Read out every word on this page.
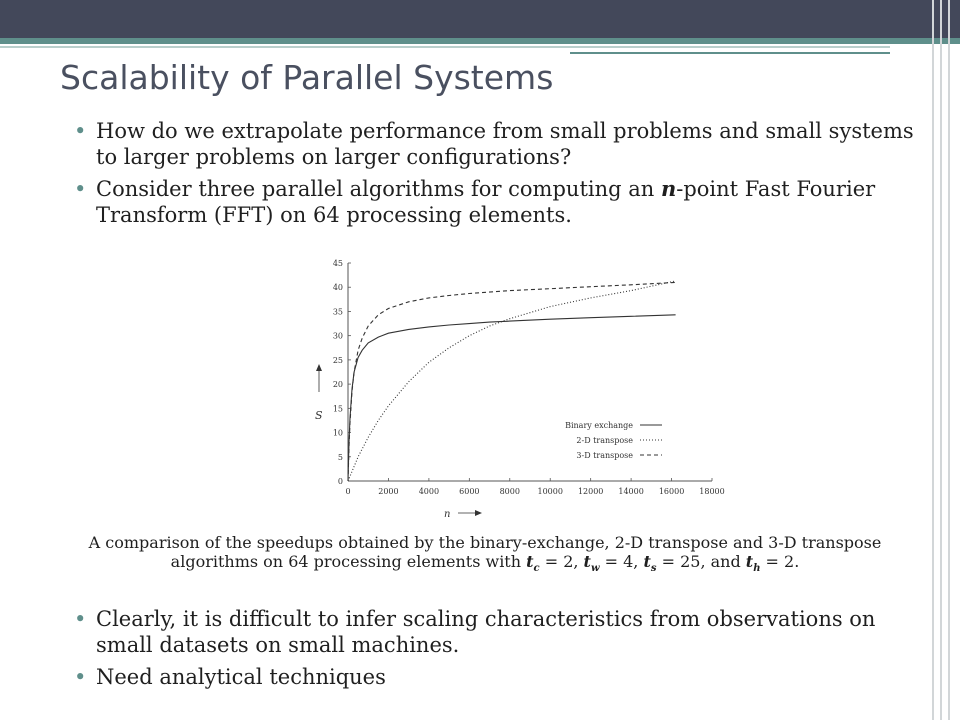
Scalability of Parallel Systems
• How do we extrapolate performance from small problems and small systems to larger problems on larger configurations?
• Consider three parallel algorithms for computing an n-point Fast Fourier Transform (FFT) on 64 processing elements.
0
5
10
15
20
25
30
35
40
45
0	2000	4000	6000	8000 10000 12000 14000 16000 18000
Binary exchange
2-D transpose
3-D transpose
S
n

A comparison of the speedups obtained by the binary-exchange, 2-D transpose and 3-D transpose algorithms on 64 processing elements with $t_c = 2$, $t_w = 4$, $t_s = 25$, and $t_h = 2$.

• Clearly, it is difficult to infer scaling characteristics from observations on small datasets on small machines.
• Need analytical techniques
